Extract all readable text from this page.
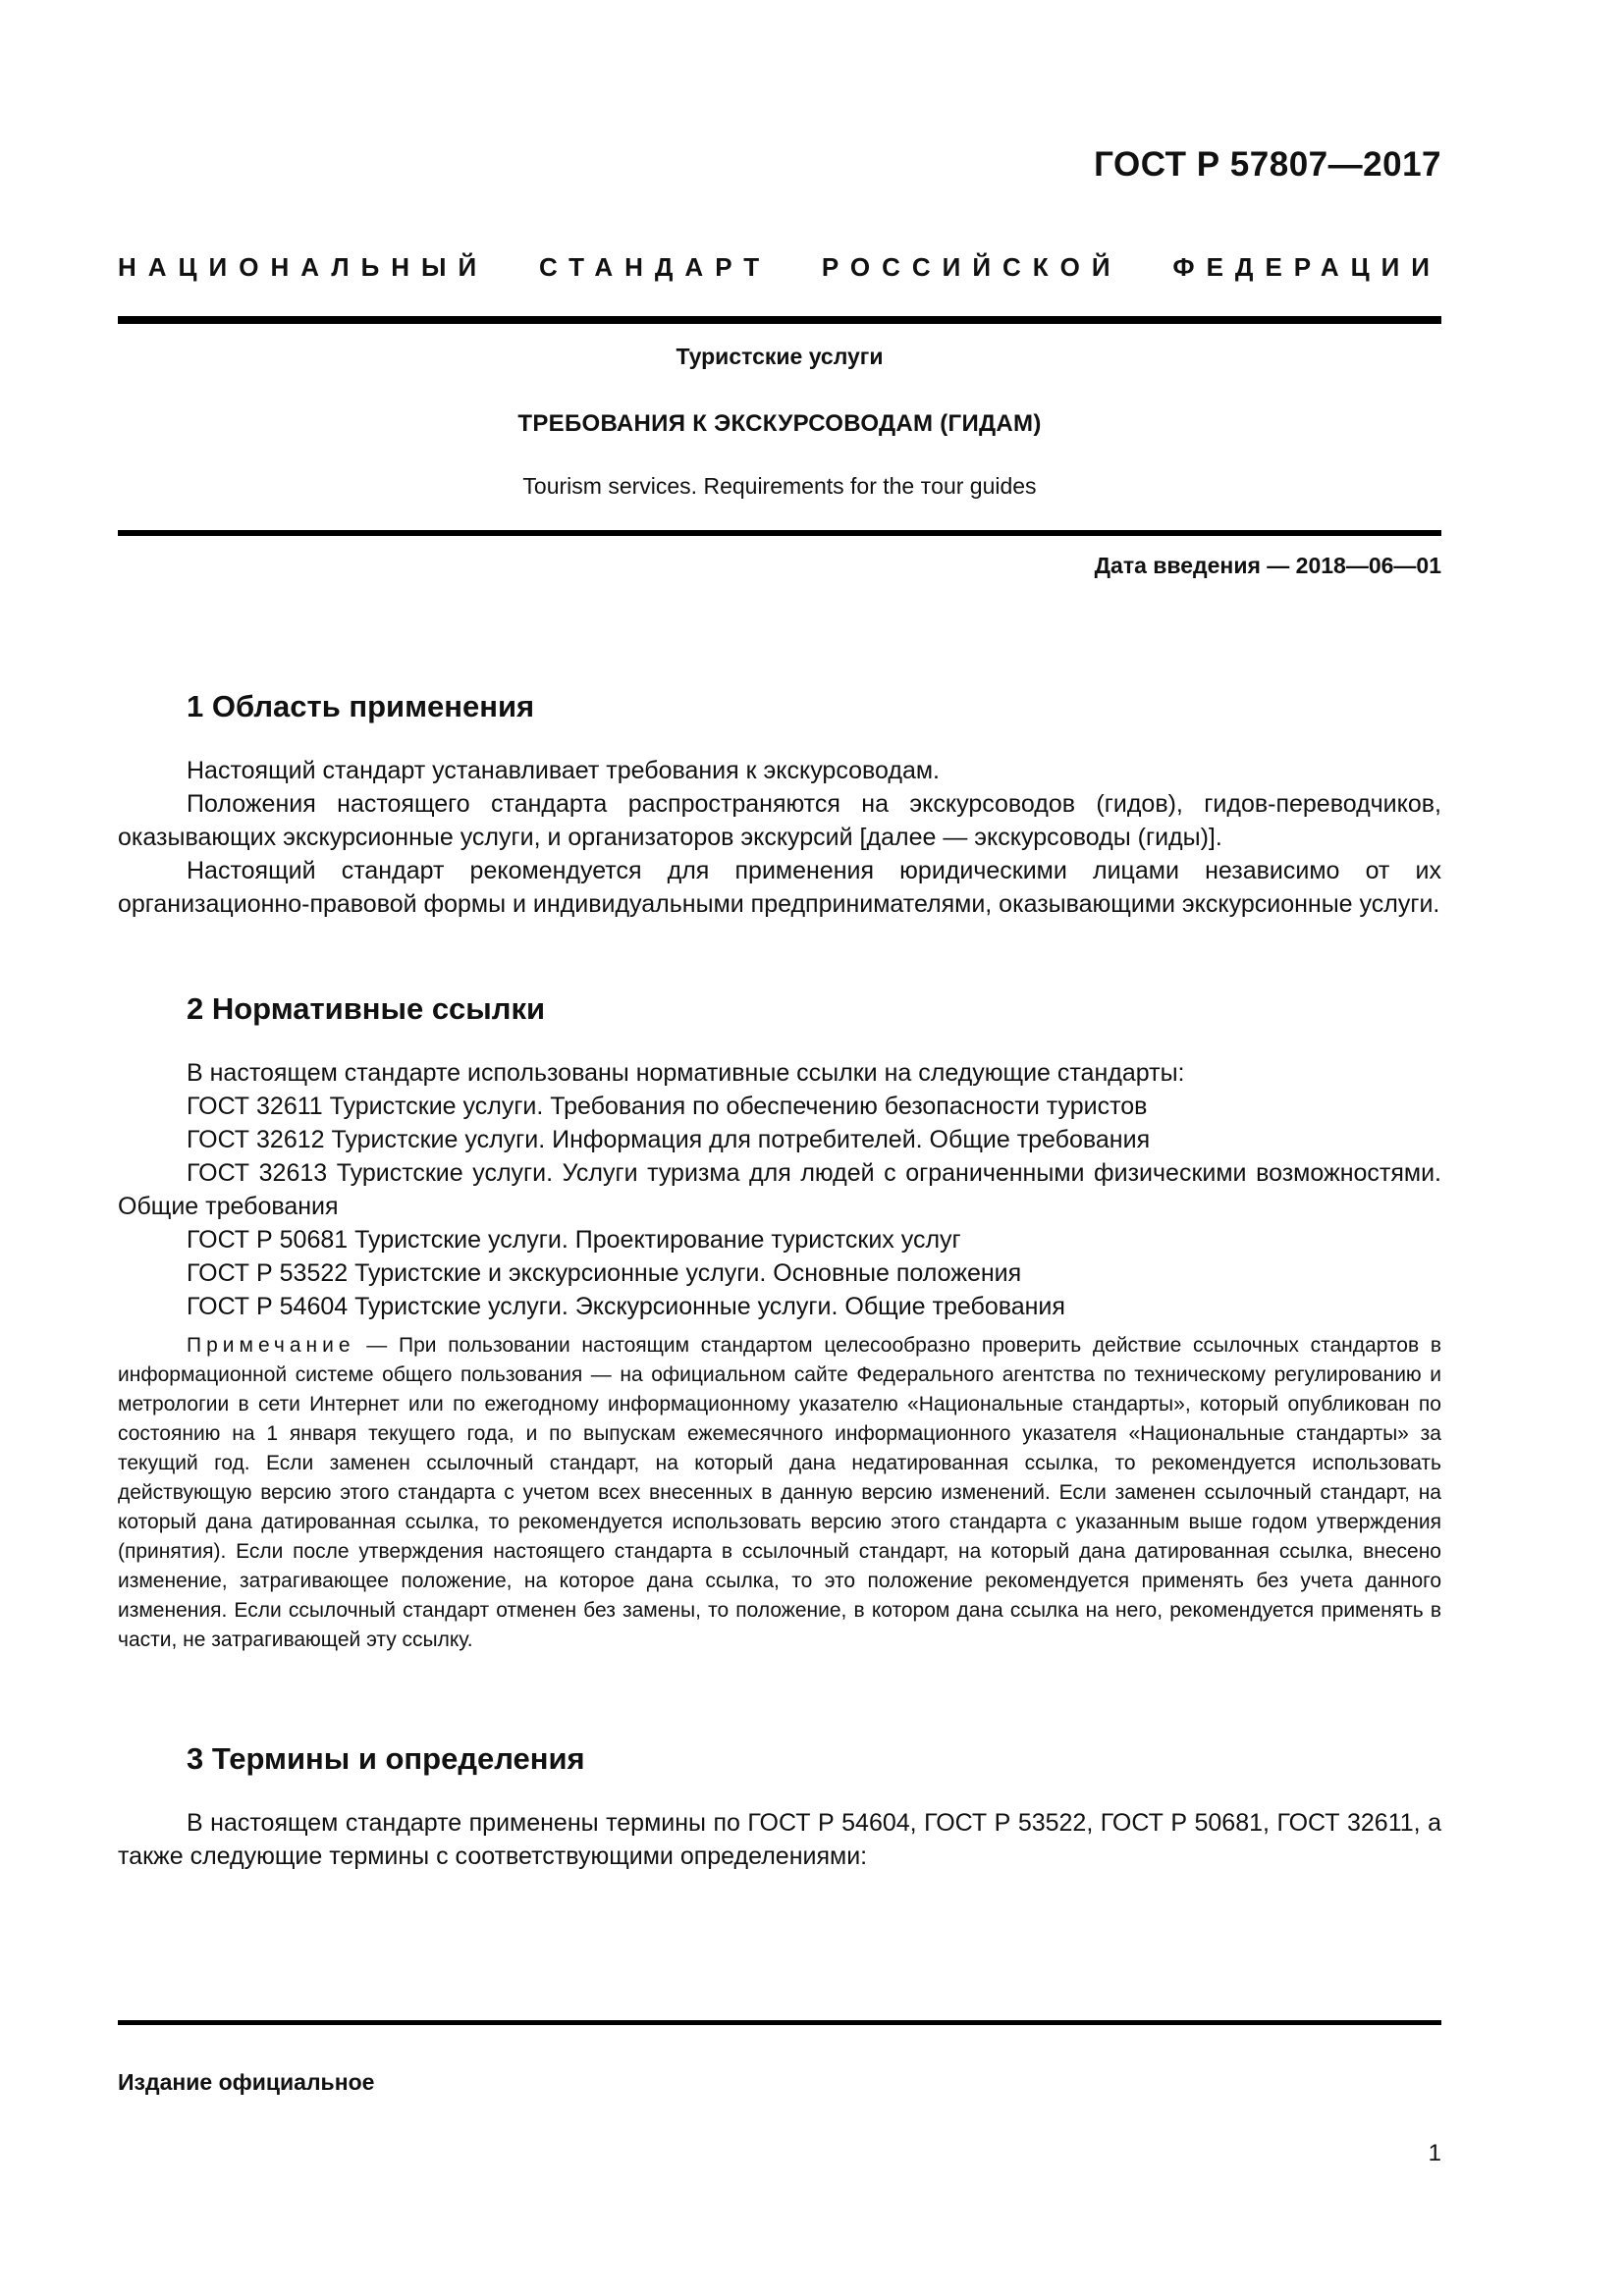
ГОСТ Р 57807—2017
НАЦИОНАЛЬНЫЙ СТАНДАРТ РОССИЙСКОЙ ФЕДЕРАЦИИ
Туристские услуги
ТРЕБОВАНИЯ К ЭКСКУРСОВОДАМ (ГИДАМ)
Tourism services. Requirements for the тour guides
Дата введения — 2018—06—01
1 Область применения

Настоящий стандарт устанавливает требования к экскурсоводам.

Положения настоящего стандарта распространяются на экскурсоводов (гидов), гидов-переводчиков, оказывающих экскурсионные услуги, и организаторов экскурсий [далее — экскурсоводы (гиды)].

Настоящий стандарт рекомендуется для применения юридическими лицами независимо от их организационно-правовой формы и индивидуальными предпринимателями, оказывающими экскурсионные услуги.

2 Нормативные ссылки

В настоящем стандарте использованы нормативные ссылки на следующие стандарты:

ГОСТ 32611 Туристские услуги. Требования по обеспечению безопасности туристов

ГОСТ 32612 Туристские услуги. Информация для потребителей. Общие требования

ГОСТ 32613 Туристские услуги. Услуги туризма для людей с ограниченными физическими возможностями. Общие требования

ГОСТ Р 50681 Туристские услуги. Проектирование туристских услуг

ГОСТ Р 53522 Туристские и экскурсионные услуги. Основные положения

ГОСТ Р 54604 Туристские услуги. Экскурсионные услуги. Общие требования

Примечание — При пользовании настоящим стандартом целесообразно проверить действие ссылочных стандартов в информационной системе общего пользования — на официальном сайте Федерального агентства по техническому регулированию и метрологии в сети Интернет или по ежегодному информационному указателю «Национальные стандарты», который опубликован по состоянию на 1 января текущего года, и по выпускам ежемесячного информационного указателя «Национальные стандарты» за текущий год. Если заменен ссылочный стандарт, на который дана недатированная ссылка, то рекомендуется использовать действующую версию этого стандарта с учетом всех внесенных в данную версию изменений. Если заменен ссылочный стандарт, на который дана датированная ссылка, то рекомендуется использовать версию этого стандарта с указанным выше годом утверждения (принятия). Если после утверждения настоящего стандарта в ссылочный стандарт, на который дана датированная ссылка, внесено изменение, затрагивающее положение, на которое дана ссылка, то это положение рекомендуется применять без учета данного изменения. Если ссылочный стандарт отменен без замены, то положение, в котором дана ссылка на него, рекомендуется применять в части, не затрагивающей эту ссылку.
3 Термины и определения

В настоящем стандарте применены термины по ГОСТ Р 54604, ГОСТ Р 53522, ГОСТ Р 50681, ГОСТ 32611, а также следующие термины с соответствующими определениями:

Издание официальное
1
